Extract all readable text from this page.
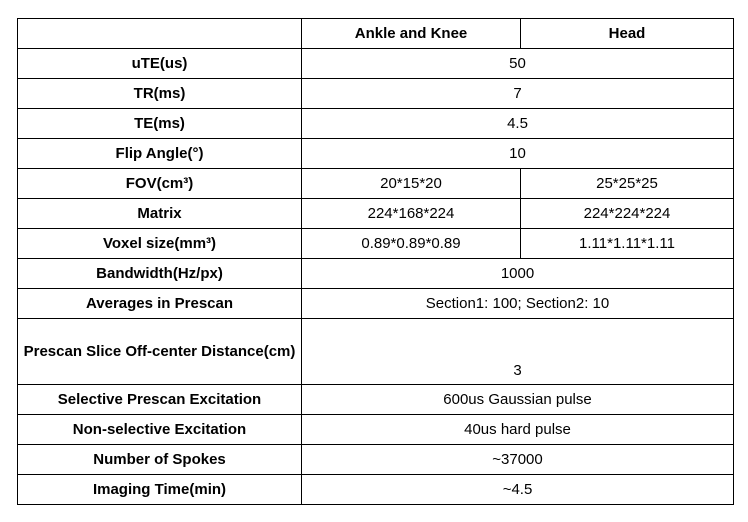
	Ankle and Knee	Head
uTE(us)	50	
TR(ms)	7	
TE(ms)	4.5	
Flip Angle(°)	10	
FOV(cm³)	20*15*20	25*25*25
Matrix	224*168*224	224*224*224
Voxel size(mm³)	0.89*0.89*0.89	1.11*1.11*1.11
Bandwidth(Hz/px)	1000	
Averages in Prescan	Section1: 100; Section2: 10	
Prescan Slice Off-center Distance(cm)	3	
Selective Prescan Excitation	600us Gaussian pulse	
Non-selective Excitation	40us hard pulse	
Number of Spokes	~37000	
Imaging Time(min)	~4.5	
